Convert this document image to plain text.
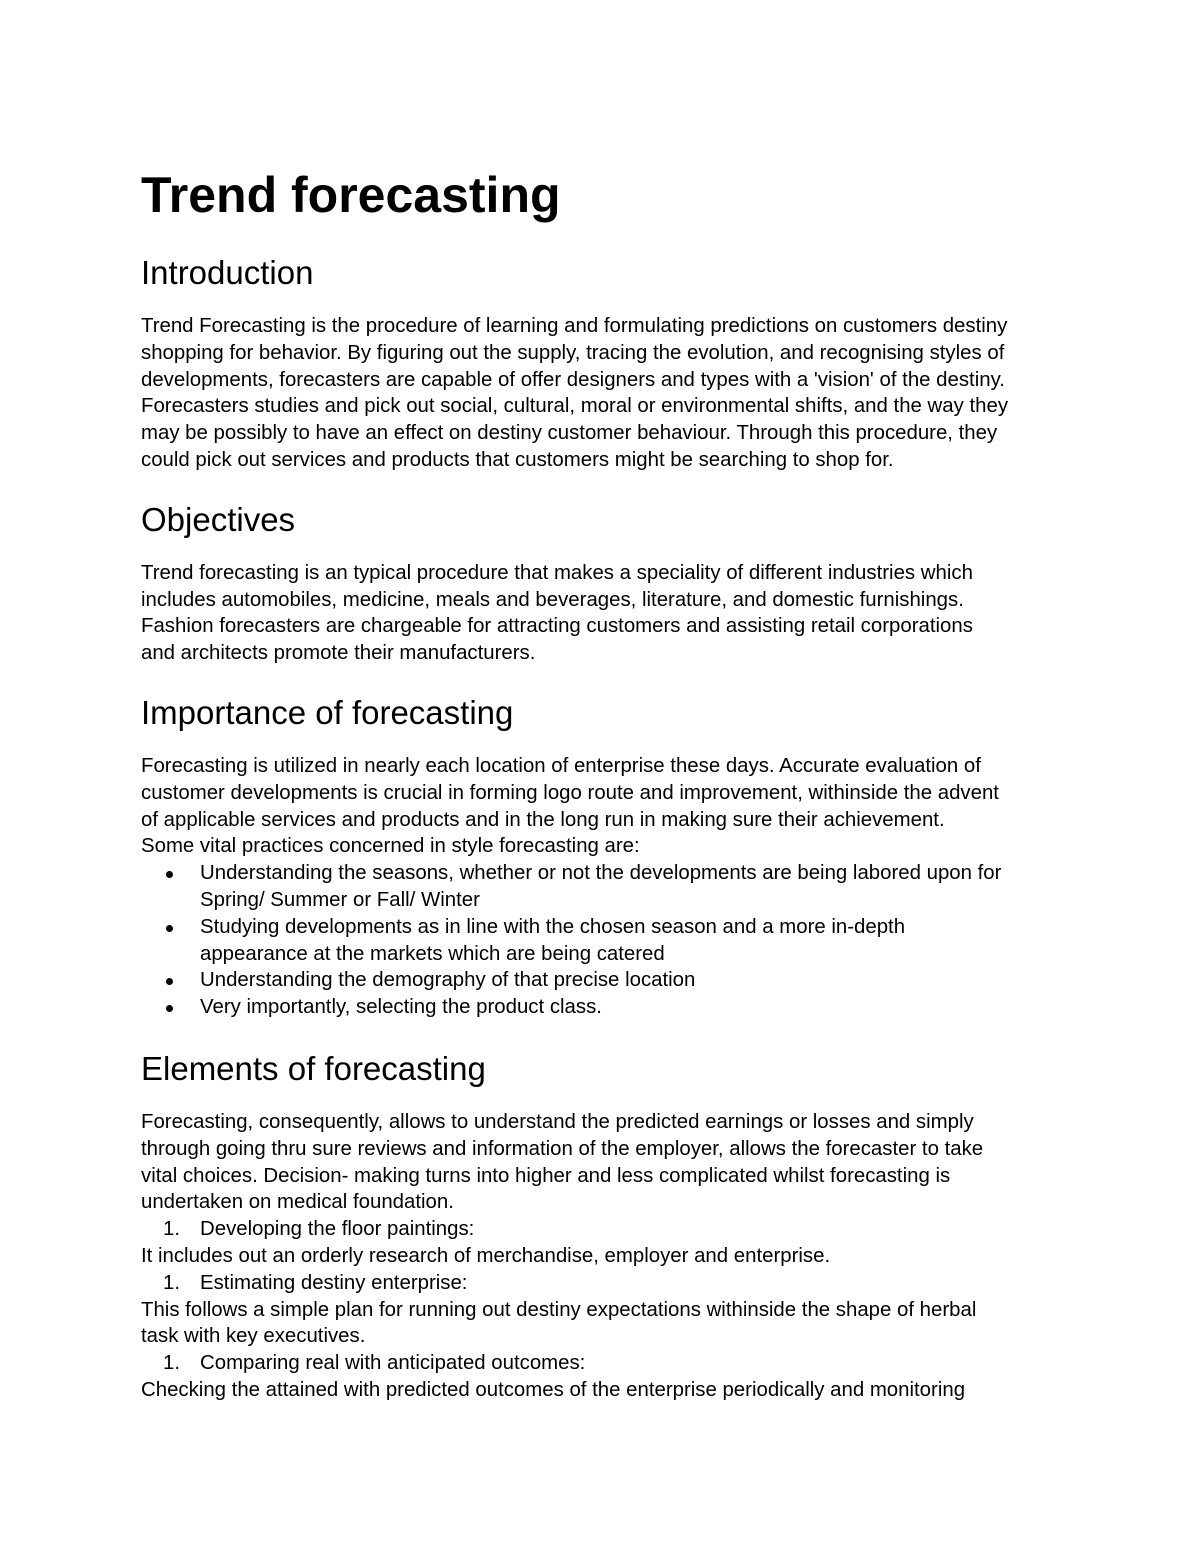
Trend forecasting
Introduction
Trend Forecasting is the procedure of learning and formulating predictions on customers destiny
shopping for behavior. By figuring out the supply, tracing the evolution, and recognising styles of
developments, forecasters are capable of offer designers and types with a 'vision' of the destiny.
Forecasters studies and pick out social, cultural, moral or environmental shifts, and the way they
may be possibly to have an effect on destiny customer behaviour. Through this procedure, they
could pick out services and products that customers might be searching to shop for.
Objectives
Trend forecasting is an typical procedure that makes a speciality of different industries which
includes automobiles, medicine, meals and beverages, literature, and domestic furnishings.
Fashion forecasters are chargeable for attracting customers and assisting retail corporations
and architects promote their manufacturers.
Importance of forecasting
Forecasting is utilized in nearly each location of enterprise these days. Accurate evaluation of
customer developments is crucial in forming logo route and improvement, withinside the advent
of applicable services and products and in the long run in making sure their achievement.
Some vital practices concerned in style forecasting are:
Understanding the seasons, whether or not the developments are being labored upon for
Spring/ Summer or Fall/ Winter
Studying developments as in line with the chosen season and a more in-depth
appearance at the markets which are being catered
Understanding the demography of that precise location
Very importantly, selecting the product class.
Elements of forecasting
Forecasting, consequently, allows to understand the predicted earnings or losses and simply
through going thru sure reviews and information of the employer, allows the forecaster to take
vital choices. Decision- making turns into higher and less complicated whilst forecasting is
undertaken on medical foundation.
1. Developing the floor paintings:
It includes out an orderly research of merchandise, employer and enterprise.
1. Estimating destiny enterprise:
This follows a simple plan for running out destiny expectations withinside the shape of herbal
task with key executives.
1. Comparing real with anticipated outcomes:
Checking the attained with predicted outcomes of the enterprise periodically and monitoring
